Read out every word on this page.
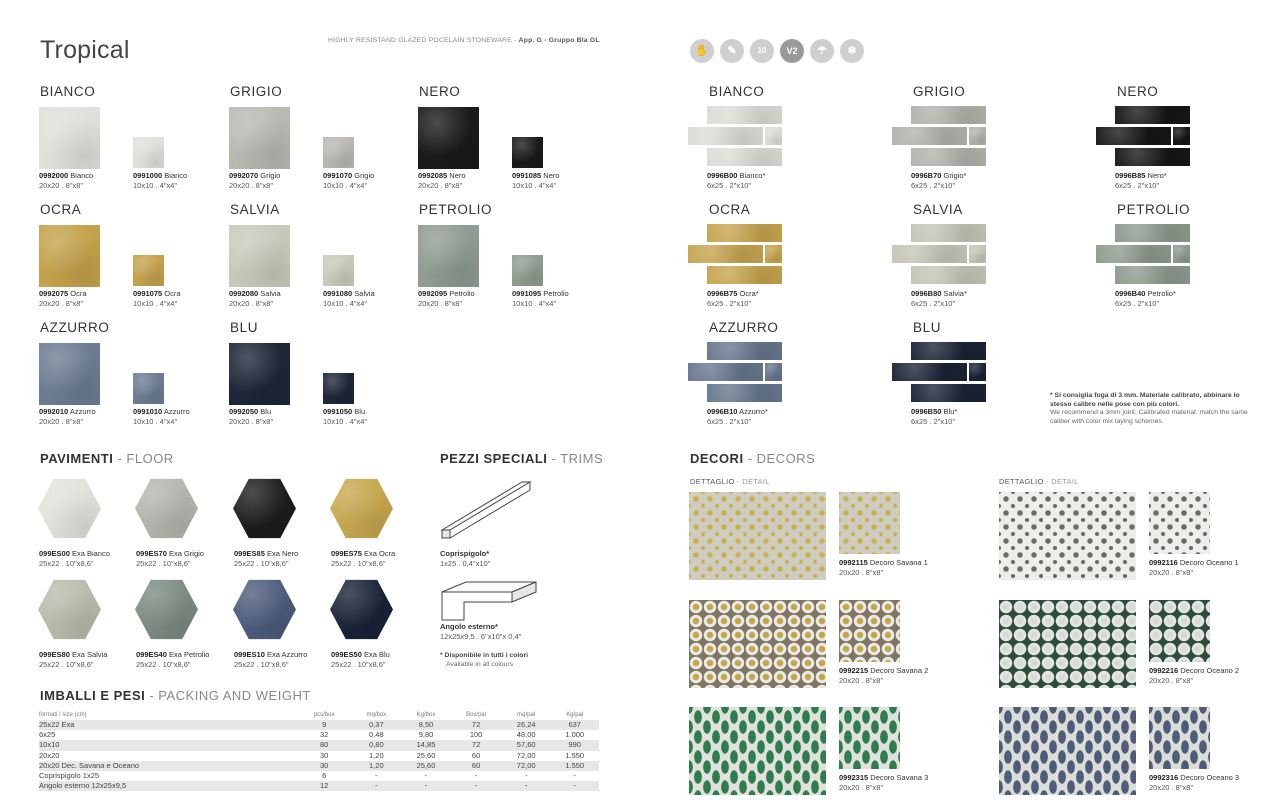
Tropical	HIGHLY RESISTAND GLAZED POCELAIN STONEWARE - App. G - Gruppo Bla GL
✋	✎	10	V2	☂	❄
BIANCO
0992000 Bianco
20x20 . 8"x8"
0991000 Bianco
10x10 . 4"x4"
GRIGIO
0992070 Grigio
20x20 . 8"x8"
0991070 Grigio
10x10 . 4"x4"
NERO
0992085 Nero
20x20 . 8"x8"
0991085 Nero
10x10 . 4"x4"
OCRA
0992075 Ocra
20x20 . 8"x8"
0991075 Ocra
10x10 . 4"x4"
SALVIA
0992080 Salvia
20x20 . 8"x8"
0991080 Salvia
10x10 . 4"x4"
PETROLIO
0992095 Petrolio
20x20 . 8"x8"
0991095 Petrolio
10x10 . 4"x4"
AZZURRO
0992010 Azzurro
20x20 . 8"x8"
0991010 Azzurro
10x10 . 4"x4"
BLU
0992050 Blu
20x20 . 8"x8"
0991050 Blu
10x10 . 4"x4"
BIANCO
0996B00 Bianco*
6x25 . 2"x10"
GRIGIO
0996B70 Grigio*
6x25 . 2"x10"
NERO
0996B85 Nero*
6x25 . 2"x10"
OCRA
0996B75 Ocra*
6x25 . 2"x10"
SALVIA
0996B80 Salvia*
6x25 . 2"x10"
PETROLIO
0996B40 Petrolio*
6x25 . 2"x10"
AZZURRO
0996B10 Azzurro*
6x25 . 2"x10"
BLU
0996B50 Blu*
6x25 . 2"x10"
* Si consiglia fuga di 3 mm. Materiale calibrato, abbinare lo stesso calibro nelle pose con più colori.
We recommend a 3mm joint. Calibrated material: match the same caliber with color mix laying schemes.
PAVIMENTI - FLOOR
099ES00 Exa Bianco
25x22 . 10"x8,6"
099ES70 Exa Grigio
25x22 . 10"x8,6"
099ES85 Exa Nero
25x22 . 10"x8,6"
099ES75 Exa Ocra
25x22 . 10"x8,6"
099ES80 Exa Salvia
25x22 . 10"x8,6"
099ES40 Exa Petrolio
25x22 . 10"x8,6"
099ES10 Exa Azzurro
25x22 . 10"x8,6"
099ES50 Exa Blu
25x22 . 10"x8,6"
PEZZI SPECIALI - TRIMS
Coprispigolo*
1x25 . 0,4"x10"
Angolo esterno*
12x25x9,5 . 6"x10"x 0,4"
* Disponibile in tutti i colori
Available in all colours
IMBALLI E PESI - PACKING AND WEIGHT
formati / size (cm)	pcs/box	mq/box	Kg/box	Box/pal	mq/pal	Kg/pal
25x22 Exa	9	0,37	8,50	72	26,24	637
6x25	32	0,48	9,80	100	48,00	1.000
10x10	80	0,80	14,85	72	57,60	990
20x20	30	1,20	25,60	60	72,00	1.550
20x20 Dec. Savana e Oceano	30	1,20	25,60	60	72,00	1.550
Coprispigolo 1x25	6	-	-	-	-	-
Angolo esterno 12x25x9,5	12	-	-	-	-	-
DECORI - DECORS
DETTAGLIO - DETAIL	DETTAGLIO - DETAIL
0992115 Decoro Savana 1
20x20 . 8"x8"
0992215 Decoro Savana 2
20x20 . 8"x8"
0992315 Decoro Savana 3
20x20 . 8"x8"
0992116 Decoro Oceano 1
20x20 . 8"x8"
0992216 Decoro Oceano 2
20x20 . 8"x8"
0992316 Decoro Oceano 3
20x20 . 8"x8"
